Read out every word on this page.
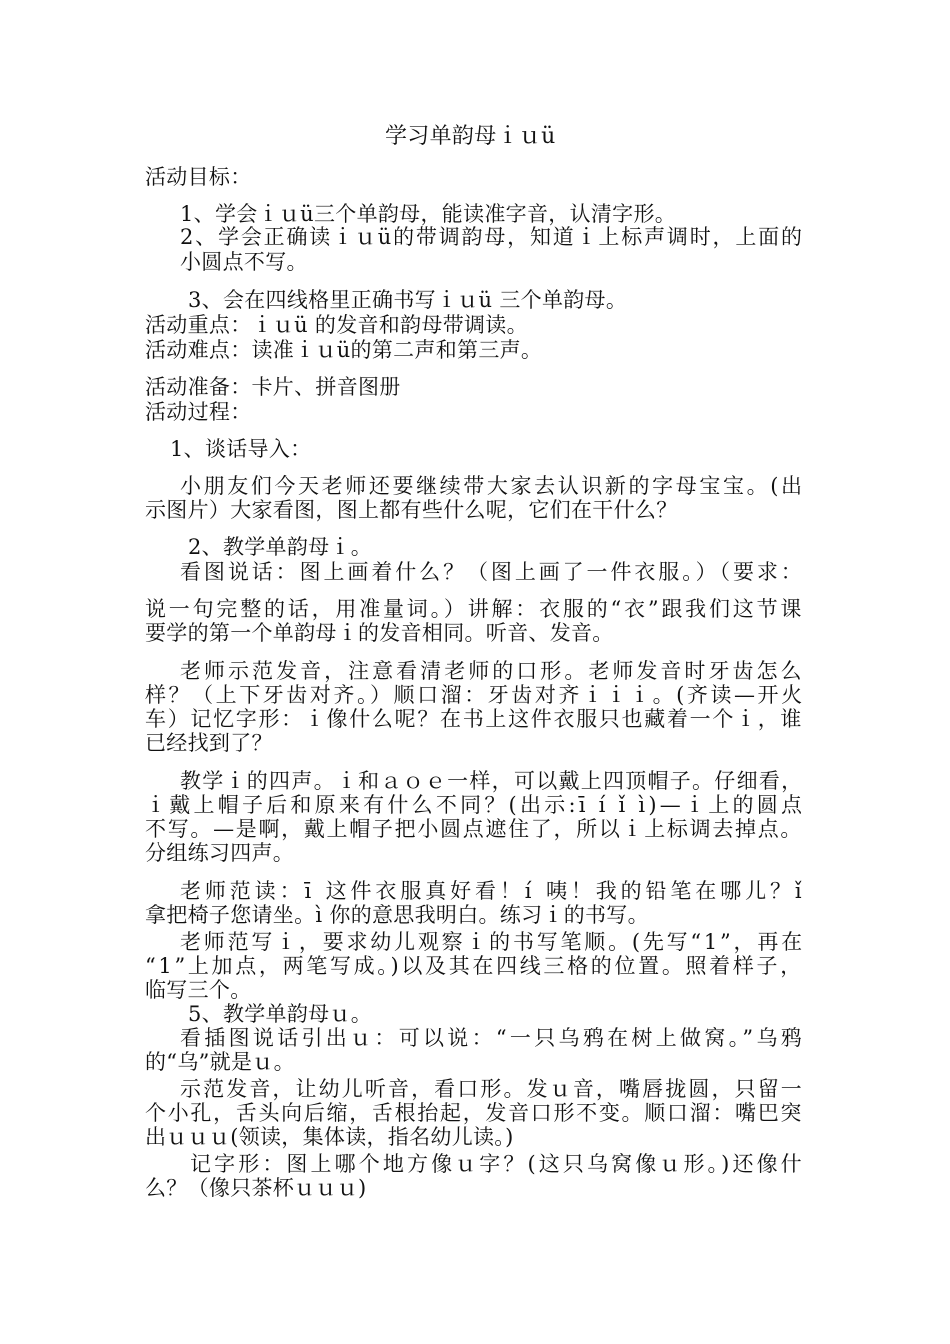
学习单韵母ｉｕü
活动目标：
1、学会ｉｕü三个单韵母，能读准字音，认清字形。
2、学会正确读ｉｕü的带调韵母，知道ｉ上标声调时，上面的
小圆点不写。
3、会在四线格里正确书写ｉｕü 三个单韵母。
活动重点：ｉｕü 的发音和韵母带调读。
活动难点：读准ｉｕü的第二声和第三声。
活动准备：卡片、拼音图册
活动过程：
1、谈话导入：
小朋友们今天老师还要继续带大家去认识新的字母宝宝。(出
示图片）大家看图，图上都有些什么呢，它们在干什么？
2、教学单韵母ｉ。
看图说话：图上画着什么？（图上画了一件衣服。）（要求：
说一句完整的话，用准量词。）讲解：衣服的“衣”跟我们这节课
要学的第一个单韵母ｉ的发音相同。听音、发音。
老师示范发音，注意看清老师的口形。老师发音时牙齿怎么
样？（上下牙齿对齐。）顺口溜：牙齿对齐ｉｉｉ。(齐读—开火
车）记忆字形：ｉ像什么呢？在书上这件衣服只也藏着一个ｉ，谁
已经找到了？
教学ｉ的四声。ｉ和ａｏｅ一样，可以戴上四顶帽子。仔细看，
ｉ戴上帽子后和原来有什么不同？(出示:ī í ǐ ì)—ｉ上的圆点
不写。—是啊，戴上帽子把小圆点遮住了，所以ｉ上标调去掉点。
分组练习四声。
老师范读：ī 这件衣服真好看！í 咦！我的铅笔在哪儿？ǐ
拿把椅子您请坐。ì 你的意思我明白。练习ｉ的书写。
老师范写ｉ，要求幼儿观察ｉ的书写笔顺。(先写“1”，再在
“1”上加点，两笔写成。)以及其在四线三格的位置。照着样子，
临写三个。
5、教学单韵母ｕ。
看插图说话引出ｕ：可以说：“一只乌鸦在树上做窝。”乌鸦
的“乌”就是ｕ。
示范发音，让幼儿听音，看口形。发ｕ音，嘴唇拢圆，只留一
个小孔，舌头向后缩，舌根抬起，发音口形不变。顺口溜：嘴巴突
出ｕｕｕ(领读，集体读，指名幼儿读。)
记字形：图上哪个地方像ｕ字？(这只乌窝像ｕ形。)还像什
么？（像只茶杯ｕｕｕ)
